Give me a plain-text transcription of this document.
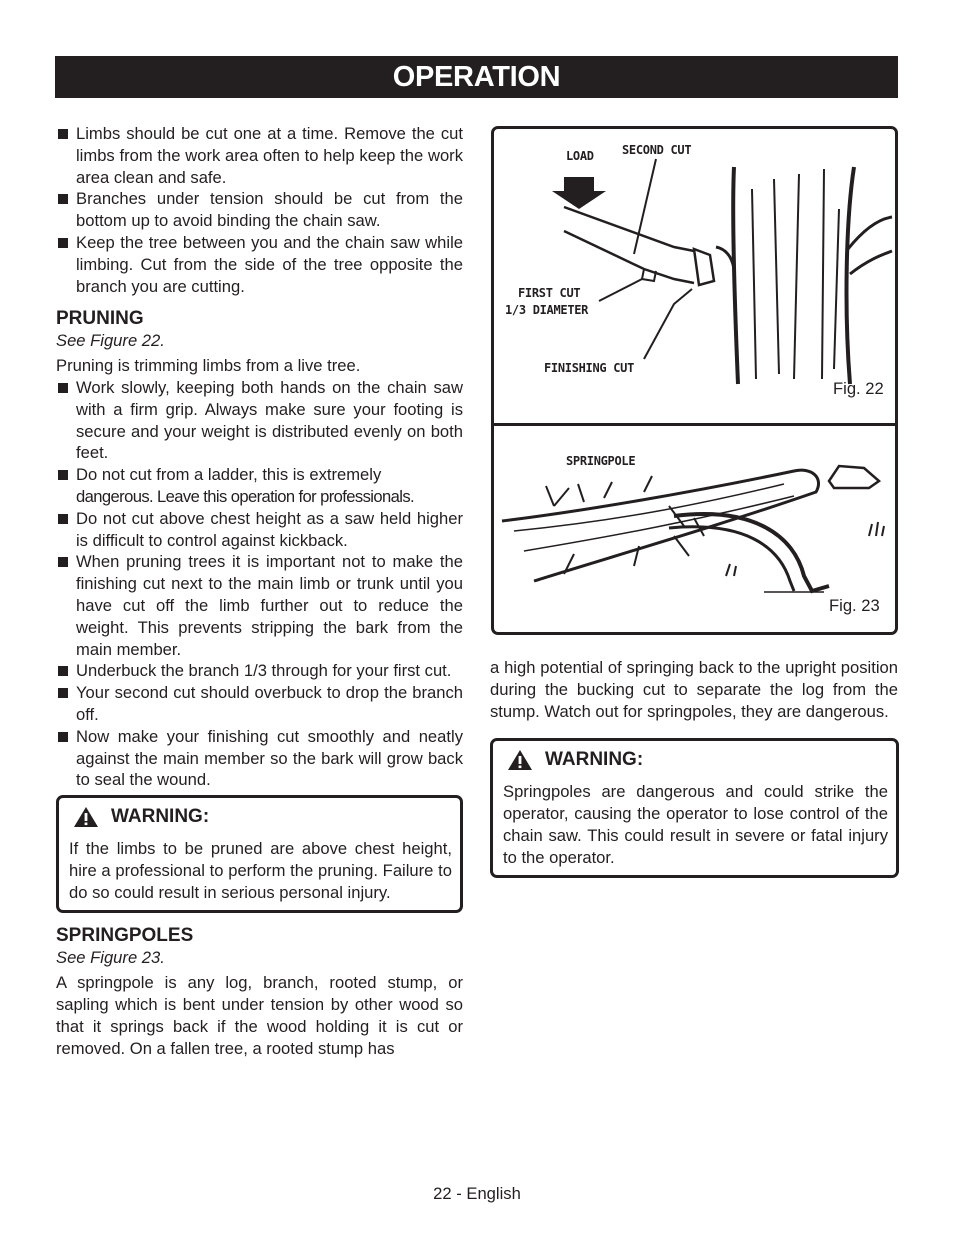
OPERATION
Limbs should be cut one at a time. Remove the cut limbs from the work area often to help keep the work area clean and safe.
Branches under tension should be cut from the bottom up to avoid binding the chain saw.
Keep the tree between you and the chain saw while limbing. Cut from the side of the tree opposite the branch you are cutting.
PRUNING

See Figure 22.

Pruning is trimming limbs from a live tree.

Work slowly, keeping both hands on the chain saw with a firm grip. Always make sure your footing is secure and your weight is distributed evenly on both feet.
Do not cut from a ladder, this is extremely
dangerous. Leave this operation for professionals.
Do not cut above chest height as a saw held higher is difficult to control against kickback.
When pruning trees it is important not to make the finishing cut next to the main limb or trunk until you have cut off the limb further out to reduce the weight. This prevents stripping the bark from the main member.
Underbuck the branch 1/3 through for your first cut.
Your second cut should overbuck to drop the branch off.
Now make your finishing cut smoothly and neatly against the main member so the bark will grow back to seal the wound.
WARNING:

If the limbs to be pruned are above chest height, hire a professional to perform the pruning. Failure to do so could result in serious personal injury.

SPRINGPOLES

See Figure 23.

A springpole is any log, branch, rooted stump, or sapling which is bent under tension by other wood so that it springs back if the wood holding it is cut or removed. On a fallen tree, a rooted stump has

LOAD SECOND CUT
FIRST CUT
1/3 DIAMETER
FINISHING CUT
Fig. 22
SPRINGPOLE
Fig. 23

a high potential of springing back to the upright position during the bucking cut to separate the log from the stump. Watch out for springpoles, they are dangerous.

WARNING:

Springpoles are dangerous and could strike the operator, causing the operator to lose control of the chain saw. This could result in severe or fatal injury to the operator.

22 - English
